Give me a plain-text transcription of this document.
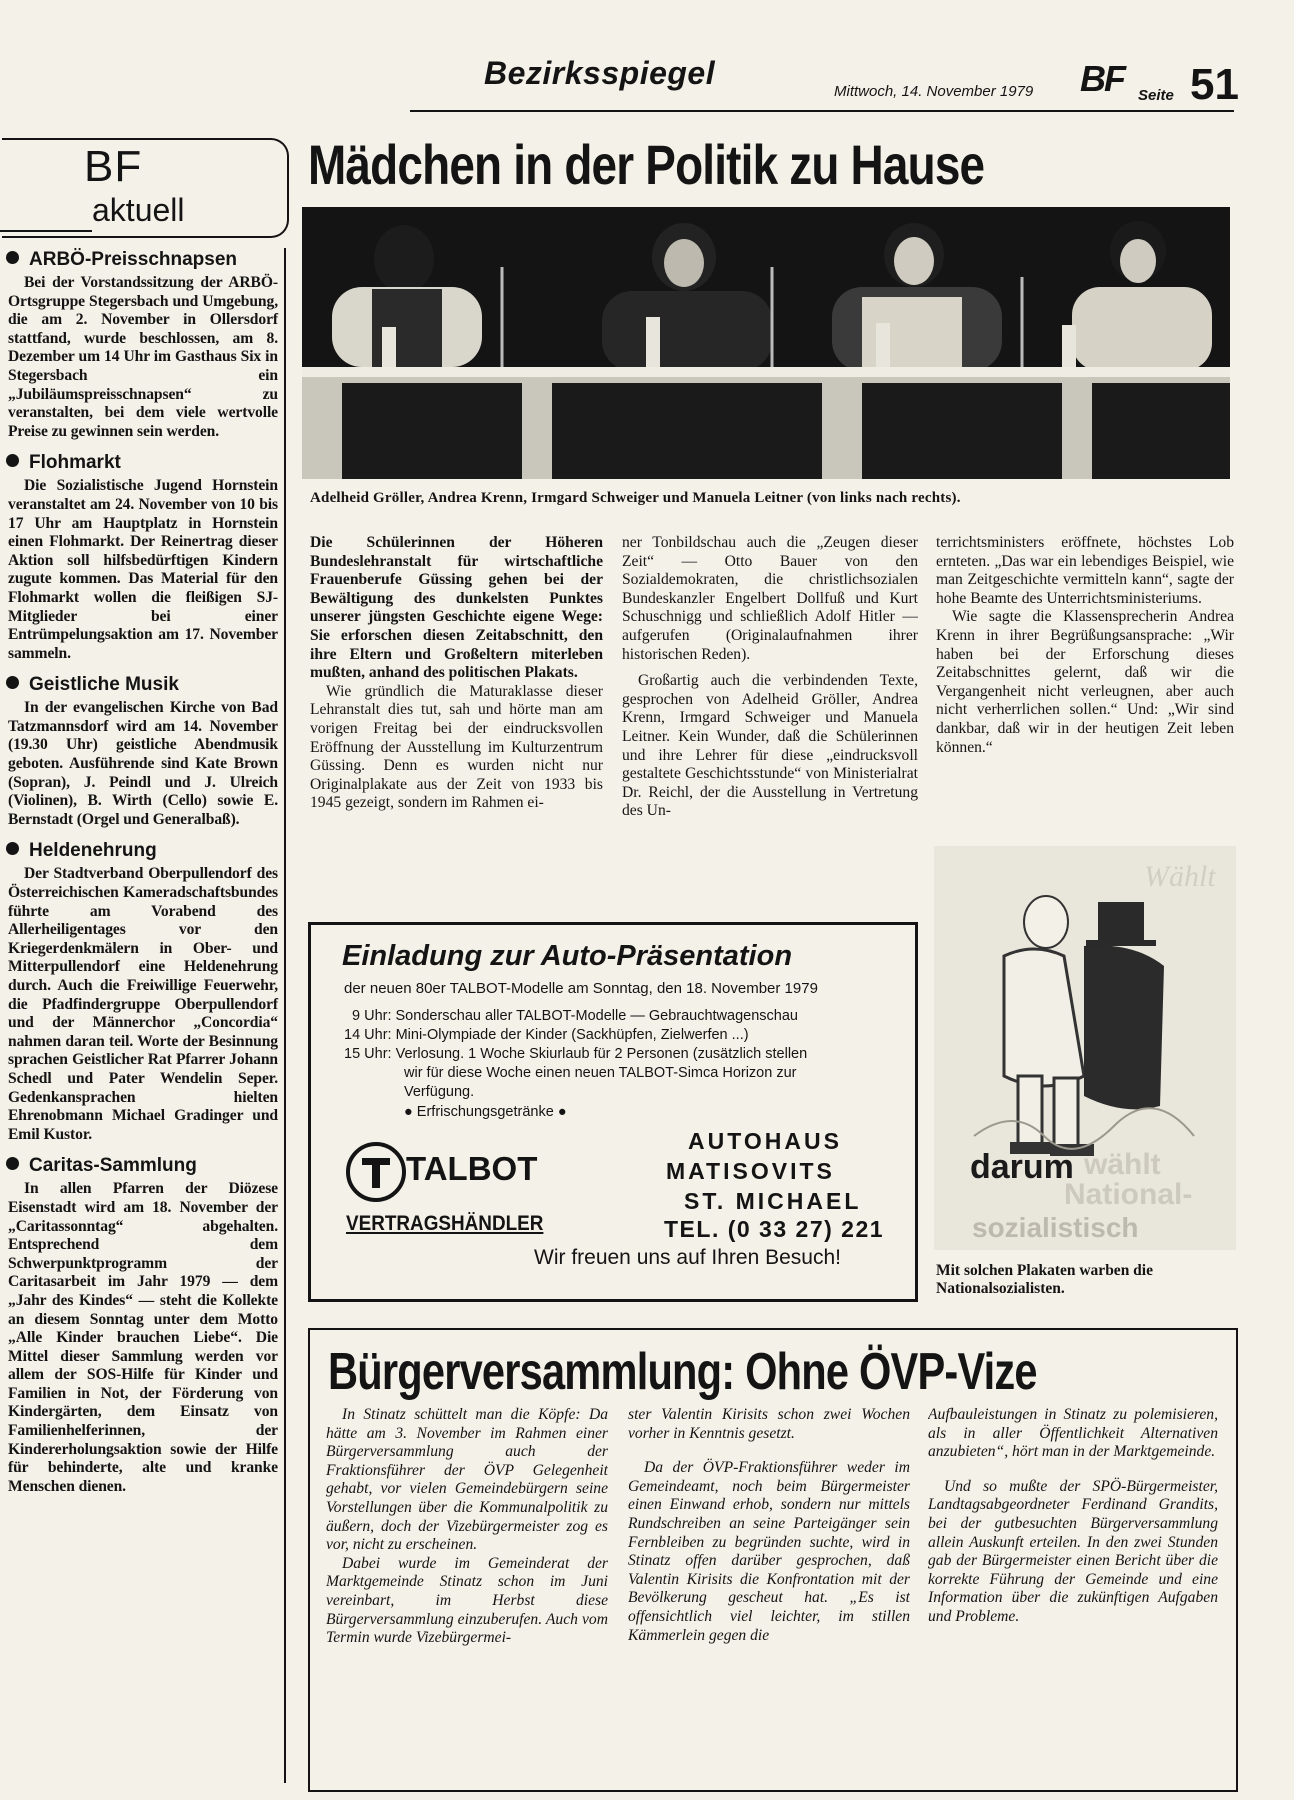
Bezirksspiegel
Mittwoch, 14. November 1979 BF Seite 51
BF
aktuell
ARBÖ-Preisschnapsen

Bei der Vorstandssitzung der ARBÖ-Ortsgruppe Stegersbach und Umgebung, die am 2. November in Ollersdorf stattfand, wurde beschlossen, am 8. Dezember um 14 Uhr im Gasthaus Six in Stegersbach ein „Jubiläumspreisschnapsen“ zu veranstalten, bei dem viele wertvolle Preise zu gewinnen sein werden.

Flohmarkt

Die Sozialistische Jugend Hornstein veranstaltet am 24. November von 10 bis 17 Uhr am Hauptplatz in Hornstein einen Flohmarkt. Der Reinertrag dieser Aktion soll hilfsbedürftigen Kindern zugute kommen. Das Material für den Flohmarkt wollen die fleißigen SJ-Mitglieder bei einer Entrümpelungsaktion am 17. November sammeln.

Geistliche Musik

In der evangelischen Kirche von Bad Tatzmannsdorf wird am 14. November (19.30 Uhr) geistliche Abendmusik geboten. Ausführende sind Kate Brown (Sopran), J. Peindl und J. Ulreich (Violinen), B. Wirth (Cello) sowie E. Bernstadt (Orgel und Generalbaß).

Heldenehrung

Der Stadtverband Oberpullendorf des Österreichischen Kameradschaftsbundes führte am Vorabend des Allerheiligentages vor den Kriegerdenkmälern in Ober- und Mitterpullendorf eine Heldenehrung durch. Auch die Freiwillige Feuerwehr, die Pfadfindergruppe Oberpullendorf und der Männerchor „Concordia“ nahmen daran teil. Worte der Besinnung sprachen Geistlicher Rat Pfarrer Johann Schedl und Pater Wendelin Seper. Gedenkansprachen hielten Ehrenobmann Michael Gradinger und Emil Kustor.

Caritas-Sammlung

In allen Pfarren der Diözese Eisenstadt wird am 18. November der „Caritassonntag“ abgehalten. Entsprechend dem Schwerpunktprogramm der Caritasarbeit im Jahr 1979 — dem „Jahr des Kindes“ — steht die Kollekte an diesem Sonntag unter dem Motto „Alle Kinder brauchen Liebe“. Die Mittel dieser Sammlung werden vor allem der SOS-Hilfe für Kinder und Familien in Not, der Förderung von Kindergärten, dem Einsatz von Familienhelferinnen, der Kindererholungsaktion sowie der Hilfe für behinderte, alte und kranke Menschen dienen.

Mädchen in der Politik zu Hause
Adelheid Gröller, Andrea Krenn, Irmgard Schweiger und Manuela Leitner (von links nach rechts).

Die Schülerinnen der Höheren Bundeslehranstalt für wirtschaftliche Frauenberufe Güssing gehen bei der Bewältigung des dunkelsten Punktes unserer jüngsten Geschichte eigene Wege: Sie erforschen diesen Zeitabschnitt, den ihre Eltern und Großeltern miterleben mußten, anhand des politischen Plakats.

Wie gründlich die Maturaklasse dieser Lehranstalt dies tut, sah und hörte man am vorigen Freitag bei der eindrucksvollen Eröffnung der Ausstellung im Kulturzentrum Güssing. Denn es wurden nicht nur Originalplakate aus der Zeit von 1933 bis 1945 gezeigt, sondern im Rahmen ei-

ner Tonbildschau auch die „Zeugen dieser Zeit“ — Otto Bauer von den Sozialdemokraten, die christlichsozialen Bundeskanzler Engelbert Dollfuß und Kurt Schuschnigg und schließlich Adolf Hitler — aufgerufen (Originalaufnahmen ihrer historischen Reden).

Großartig auch die verbindenden Texte, gesprochen von Adelheid Gröller, Andrea Krenn, Irmgard Schweiger und Manuela Leitner. Kein Wunder, daß die Schülerinnen und ihre Lehrer für diese „eindrucksvoll gestaltete Geschichtsstunde“ von Ministerialrat Dr. Reichl, der die Ausstellung in Vertretung des Un-

terrichtsministers eröffnete, höchstes Lob ernteten. „Das war ein lebendiges Beispiel, wie man Zeitgeschichte vermitteln kann“, sagte der hohe Beamte des Unterrichtsministeriums.

Wie sagte die Klassensprecherin Andrea Krenn in ihrer Begrüßungsansprache: „Wir haben bei der Erforschung dieses Zeitabschnittes gelernt, daß wir die Vergangenheit nicht verleugnen, aber auch nicht verherrlichen sollen.“ Und: „Wir sind dankbar, daß wir in der heutigen Zeit leben können.“

Wählt
darum wählt
National-
sozialistisch
Mit solchen Plakaten warben die Nationalsozialisten.
Einladung zur Auto-Präsentation
der neuen 80er TALBOT-Modelle am Sonntag, den 18. November 1979
9 Uhr: Sonderschau aller TALBOT-Modelle — Gebrauchtwagenschau
14 Uhr: Mini-Olympiade der Kinder (Sackhüpfen, Zielwerfen ...)
15 Uhr: Verlosung. 1 Woche Skiurlaub für 2 Personen (zusätzlich stellen
wir für diese Woche einen neuen TALBOT-Simca Horizon zur
Verfügung.
● Erfrischungsgetränke ●
TALBOT
VERTRAGSHÄNDLER
AUTOHAUS
MATISOVITS
ST. MICHAEL
TEL. (0 33 27) 221
Wir freuen uns auf Ihren Besuch!
Bürgerversammlung: Ohne ÖVP-Vize

In Stinatz schüttelt man die Köpfe: Da hätte am 3. November im Rahmen einer Bürgerversammlung auch der Fraktionsführer der ÖVP Gelegenheit gehabt, vor vielen Gemeindebürgern seine Vorstellungen über die Kommunalpolitik zu äußern, doch der Vizebürgermeister zog es vor, nicht zu erscheinen.

Dabei wurde im Gemeinderat der Marktgemeinde Stinatz schon im Juni vereinbart, im Herbst diese Bürgerversammlung einzuberufen. Auch vom Termin wurde Vizebürgermei-

ster Valentin Kirisits schon zwei Wochen vorher in Kenntnis gesetzt.

Da der ÖVP-Fraktionsführer weder im Gemeindeamt, noch beim Bürgermeister einen Einwand erhob, sondern nur mittels Rundschreiben an seine Parteigänger sein Fernbleiben zu begründen suchte, wird in Stinatz offen darüber gesprochen, daß Valentin Kirisits die Konfrontation mit der Bevölkerung gescheut hat. „Es ist offensichtlich viel leichter, im stillen Kämmerlein gegen die

Aufbauleistungen in Stinatz zu polemisieren, als in aller Öffentlichkeit Alternativen anzubieten“, hört man in der Marktgemeinde.

Und so mußte der SPÖ-Bürgermeister, Landtagsabgeordneter Ferdinand Grandits, bei der gutbesuchten Bürgerversammlung allein Auskunft erteilen. In den zwei Stunden gab der Bürgermeister einen Bericht über die korrekte Führung der Gemeinde und eine Information über die zukünftigen Aufgaben und Probleme.
